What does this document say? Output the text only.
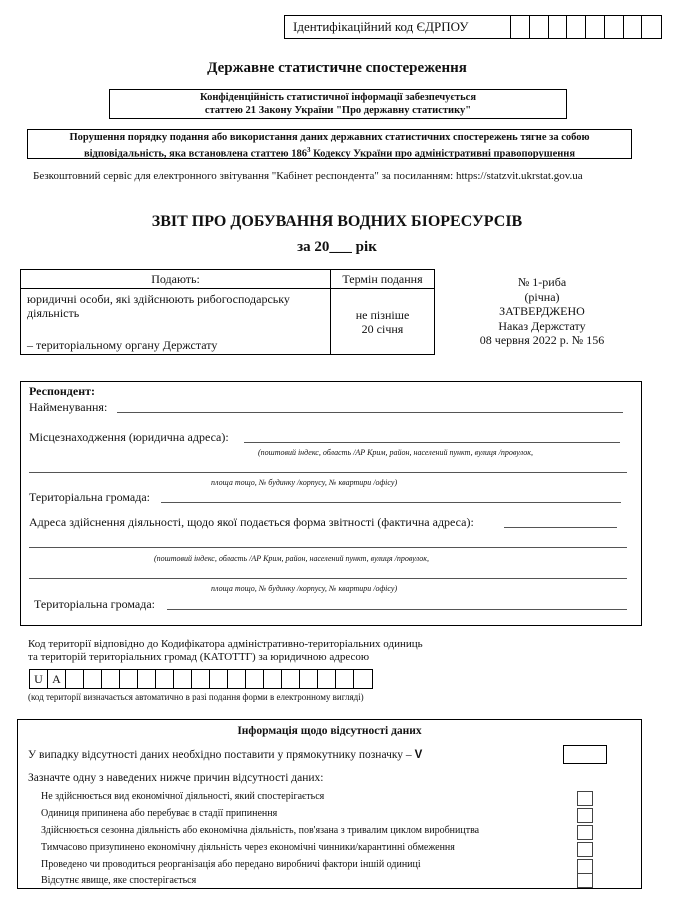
Ідентифікаційний код ЄДРПОУ
Державне статистичне спостереження
Конфіденційність статистичної інформації забезпечується
статтею 21 Закону України "Про державну статистику"
Порушення порядку подання або використання даних державних статистичних спостережень тягне за собою
відповідальність, яка встановлена статтею $186^3$ Кодексу України про адміністративні правопорушення
Безкоштовний сервіс для електронного звітування "Кабінет респондента" за посиланням: https://statzvit.ukrstat.gov.ua
ЗВІТ ПРО ДОБУВАННЯ ВОДНИХ БІОРЕСУРСІВ
за 20___ рік
Подають:	Термін подання
юридичні особи, які здійснюють рибогосподарську
діяльність
– територіальному органу Держстату
не пізніше
20 січня
№ 1-риба
(річна)
ЗАТВЕРДЖЕНО
Наказ Держстату
08 червня 2022 р. № 156
Респондент:
Найменування:
Місцезнаходження (юридична адреса):
(поштовий індекс, область /АР Крим, район, населений пункт, вулиця /провулок,
площа тощо, № будинку /корпусу, № квартири /офісу)
Територіальна громада:
Адреса здійснення діяльності, щодо якої подається форма звітності (фактична адреса):
(поштовий індекс, область /АР Крим, район, населений пункт, вулиця /провулок,
площа тощо, № будинку /корпусу, № квартири /офісу)
Територіальна громада:
Код території відповідно до Кодифікатора адміністративно-територіальних одиниць
та територій територіальних громад (КАТОТТГ) за юридичною адресою
U A
(код території визначається автоматично в разі подання форми в електронному вигляді)
Інформація щодо відсутності даних
У випадку відсутності даних необхідно поставити у прямокутнику позначку – V
Зазначте одну з наведених нижче причин відсутності даних:
Не здійснюється вид економічної діяльності, який спостерігається
Одиниця припинена або перебуває в стадії припинення
Здійснюється сезонна діяльність або економічна діяльність, пов'язана з тривалим циклом виробництва
Тимчасово призупинено економічну діяльність через економічні чинники/карантинні обмеження
Проведено чи проводиться реорганізація або передано виробничі фактори іншій одиниці
Відсутнє явище, яке спостерігається
